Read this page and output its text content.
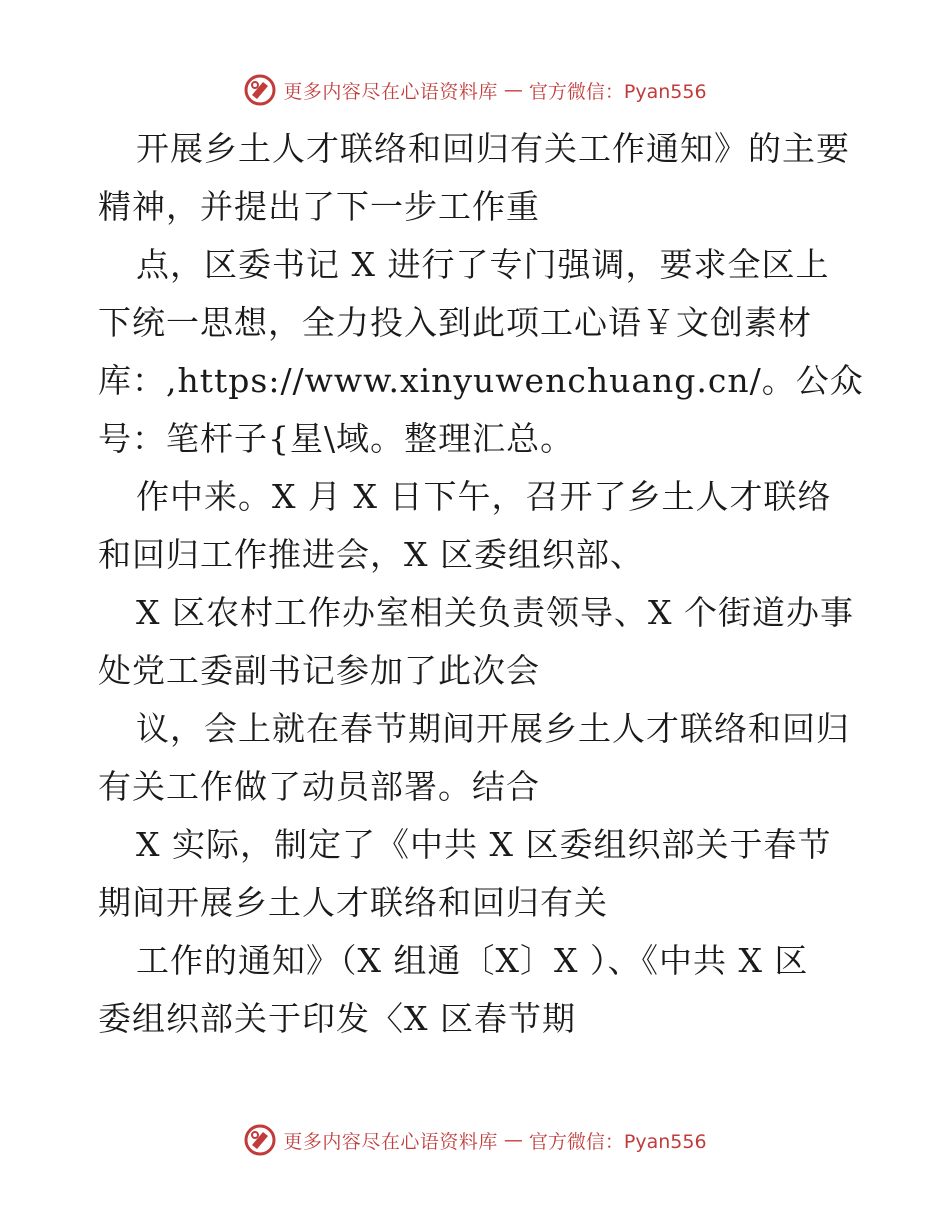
更多内容尽在心语资料库 — 官方微信：Pyan556
开展乡土人才联络和回归有关工作通知》的主要
精神，并提出了下一步工作重
点，区委书记 X 进行了专门强调，要求全区上
下统一思想，全力投入到此项工心语￥文创素材
库：,https://www.xinyuwenchuang.cn/。公众
号：笔杆子{星\域。整理汇总。
作中来。X 月 X 日下午，召开了乡土人才联络
和回归工作推进会，X 区委组织部、
X 区农村工作办室相关负责领导、X 个街道办事
处党工委副书记参加了此次会
议，会上就在春节期间开展乡土人才联络和回归
有关工作做了动员部署。结合
X 实际，制定了《中共 X 区委组织部关于春节
期间开展乡土人才联络和回归有关
工作的通知》（X 组通〔X〕X ）、《中共 X 区
委组织部关于印发〈X 区春节期
更多内容尽在心语资料库 — 官方微信：Pyan556
